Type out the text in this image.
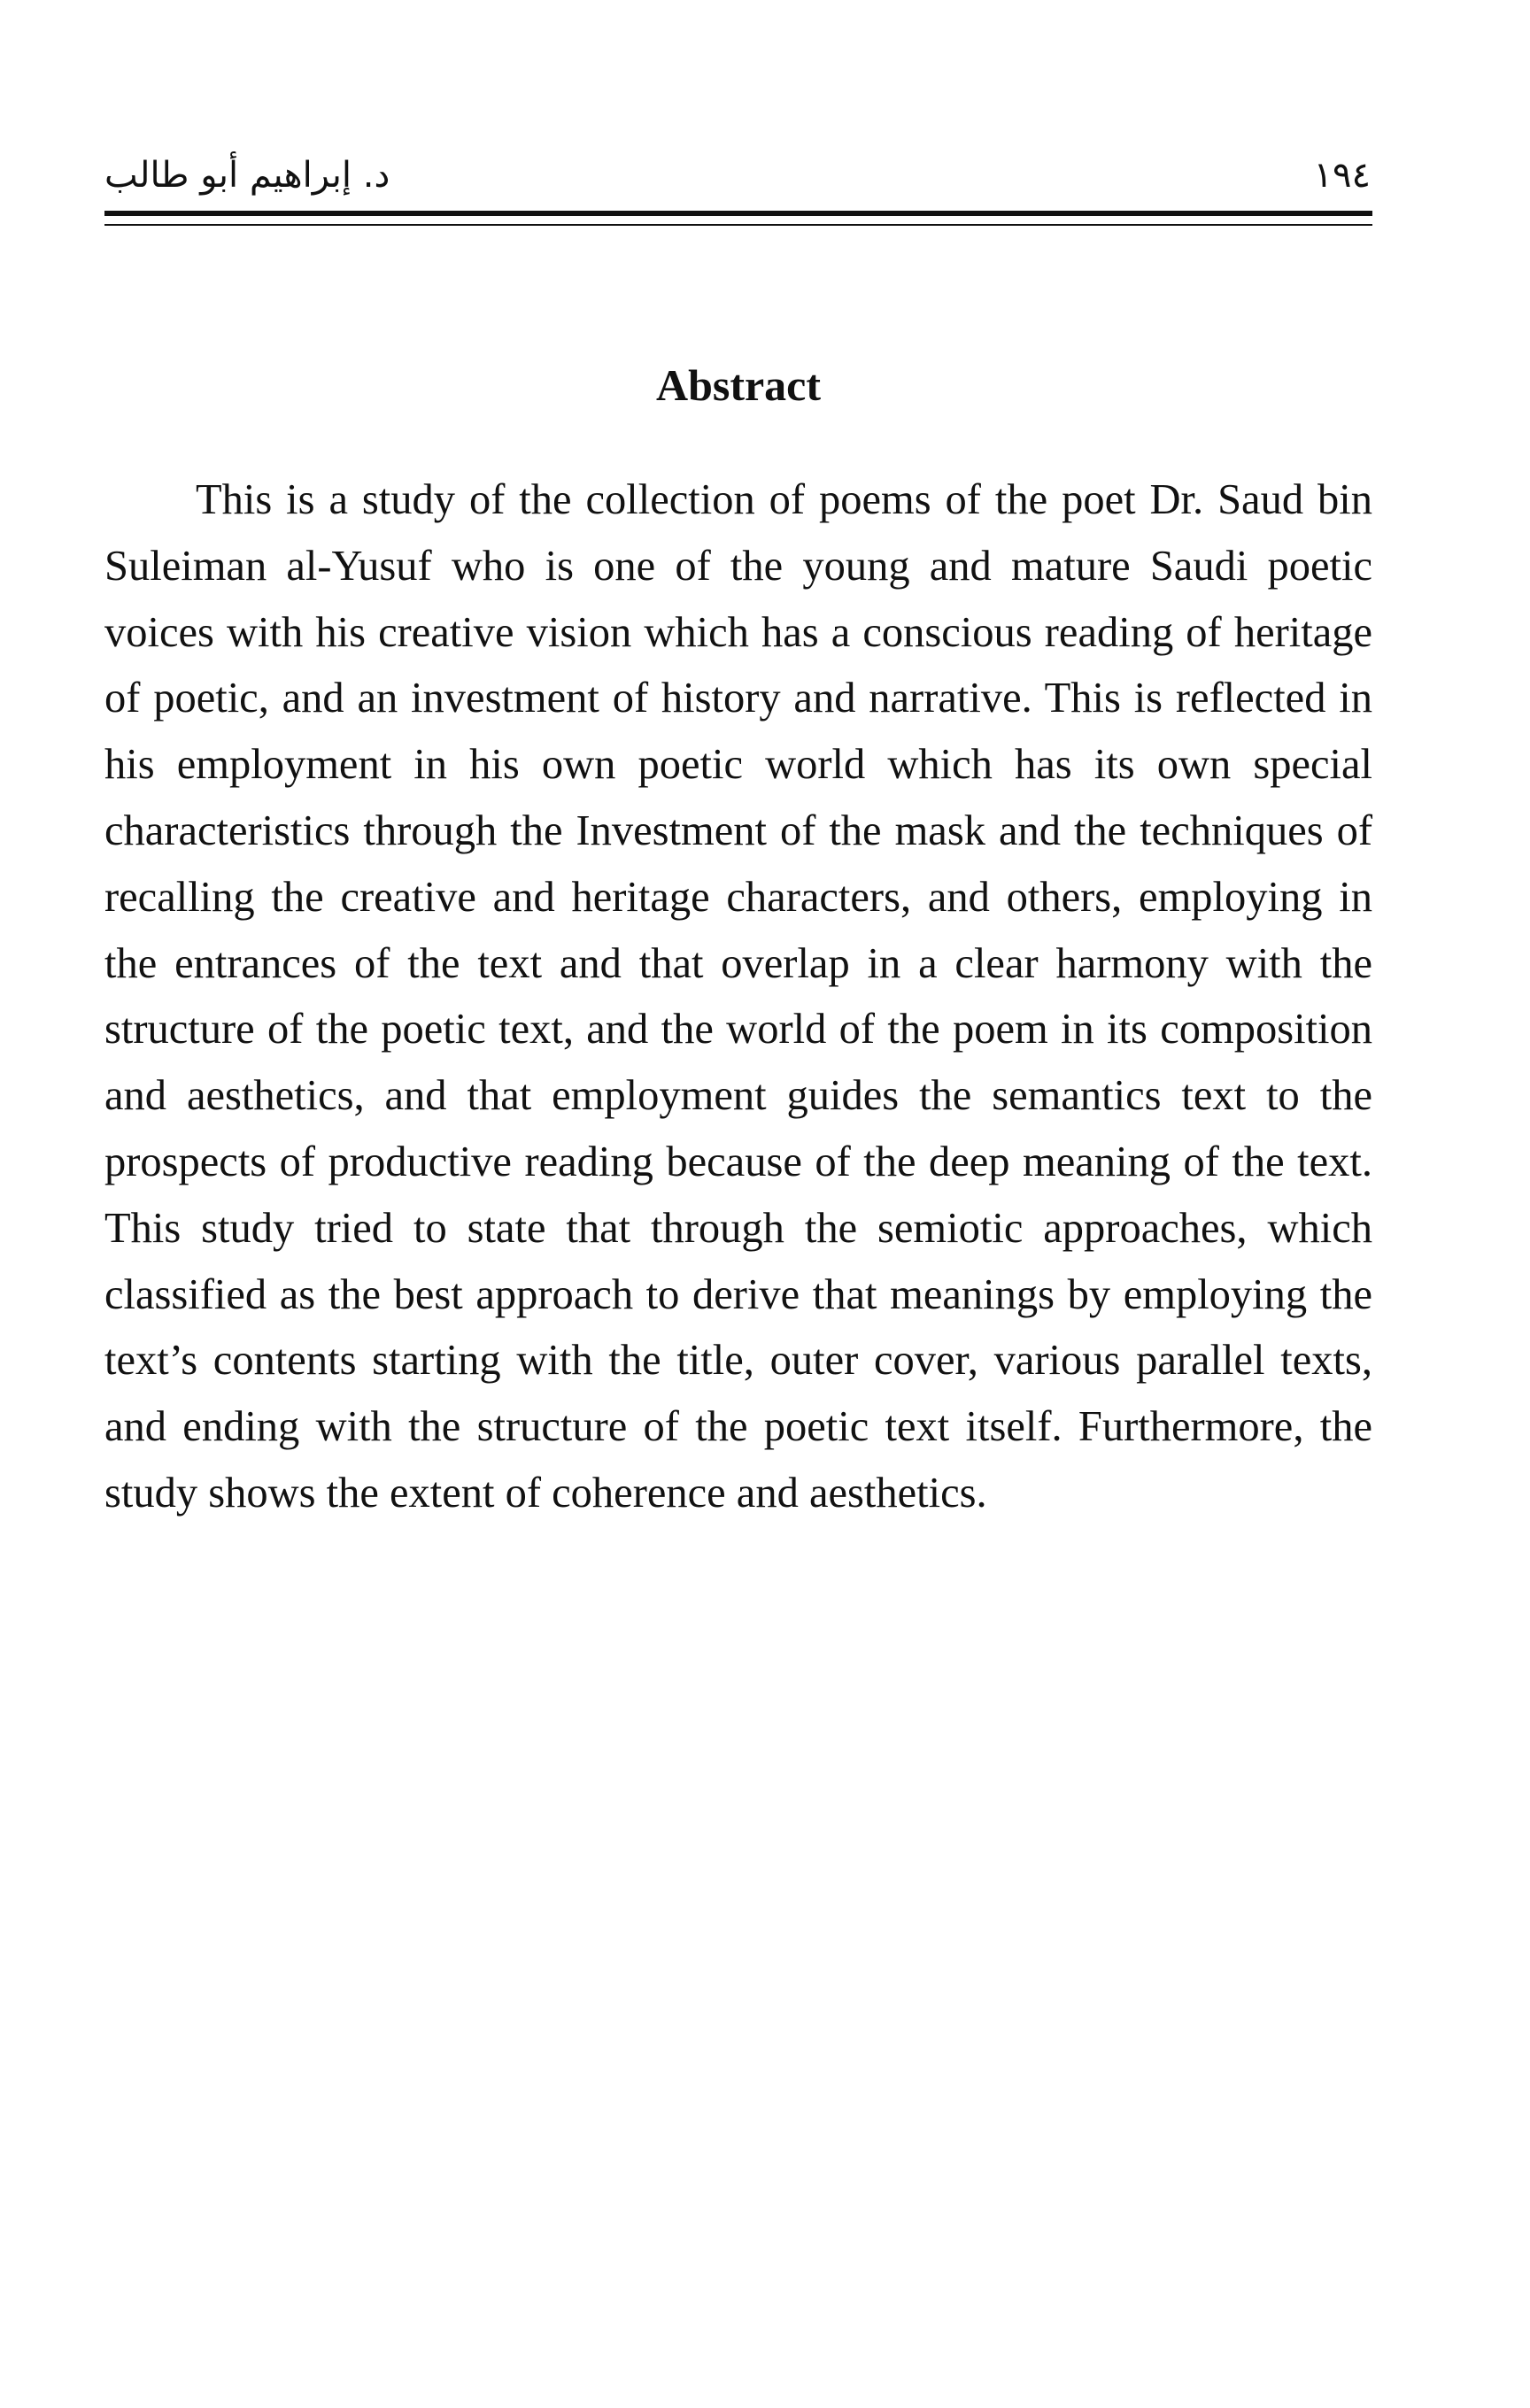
د. إبراهيم أبو طالب	١٩٤
Abstract

This is a study of the collection of poems of the poet Dr. Saud bin Suleiman al-Yusuf who is one of the young and mature Saudi poetic voices with his creative vision which has a conscious reading of heritage of poetic, and an investment of history and narrative. This is reflected in his employment in his own poetic world which has its own special characteristics through the Investment of the mask and the techniques of recalling the creative and heritage characters, and others, employing in the entrances of the text and that overlap in a clear harmony with the structure of the poetic text, and the world of the poem in its composition and aesthetics, and that employment guides the semantics text to the prospects of productive reading because of the deep meaning of the text. This study tried to state that through the semiotic approaches, which classified as the best approach to derive that meanings by employing the text’s contents starting with the title, outer cover, various parallel texts, and ending with the structure of the poetic text itself. Furthermore, the study shows the extent of coherence and aesthetics.
